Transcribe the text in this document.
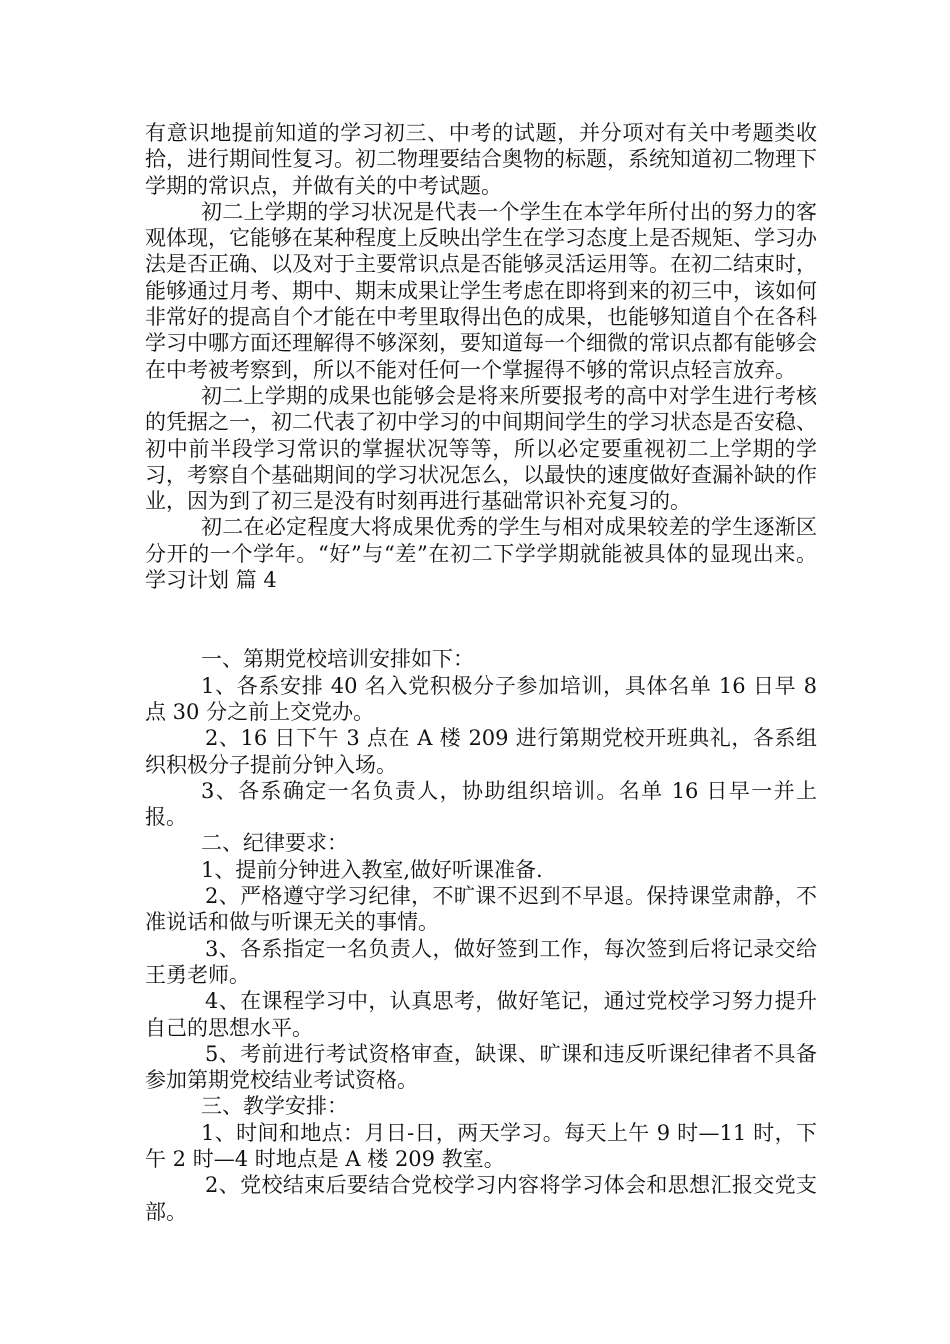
有意识地提前知道的学习初三、中考的试题，并分项对有关中考题类收拾，进行期间性复习。初二物理要结合奥物的标题，系统知道初二物理下学期的常识点，并做有关的中考试题。

初二上学期的学习状况是代表一个学生在本学年所付出的努力的客观体现，它能够在某种程度上反映出学生在学习态度上是否规矩、学习办法是否正确、以及对于主要常识点是否能够灵活运用等。在初二结束时，能够通过月考、期中、期末成果让学生考虑在即将到来的初三中，该如何非常好的提高自个才能在中考里取得出色的成果，也能够知道自个在各科学习中哪方面还理解得不够深刻，要知道每一个细微的常识点都有能够会在中考被考察到，所以不能对任何一个掌握得不够的常识点轻言放弃。

初二上学期的成果也能够会是将来所要报考的高中对学生进行考核的凭据之一，初二代表了初中学习的中间期间学生的学习状态是否安稳、初中前半段学习常识的掌握状况等等，所以必定要重视初二上学期的学习，考察自个基础期间的学习状况怎么，以最快的速度做好查漏补缺的作业，因为到了初三是没有时刻再进行基础常识补充复习的。

初二在必定程度大将成果优秀的学生与相对成果较差的学生逐渐区分开的一个学年。“好”与“差”在初二下学学期就能被具体的显现出来。学习计划 篇 4

一、第期党校培训安排如下：

1、各系安排 40 名入党积极分子参加培训，具体名单 16 日早 8 点 30 分之前上交党办。

2、16 日下午 3 点在 A 楼 209 进行第期党校开班典礼，各系组织积极分子提前分钟入场。

3、各系确定一名负责人，协助组织培训。名单 16 日早一并上报。

二、纪律要求：

1、提前分钟进入教室,做好听课准备.

2、严格遵守学习纪律，不旷课不迟到不早退。保持课堂肃静，不准说话和做与听课无关的事情。

3、各系指定一名负责人，做好签到工作，每次签到后将记录交给王勇老师。

4、在课程学习中，认真思考，做好笔记，通过党校学习努力提升自己的思想水平。

5、考前进行考试资格审查，缺课、旷课和违反听课纪律者不具备参加第期党校结业考试资格。

三、教学安排：

1、时间和地点：月日-日，两天学习。每天上午 9 时—11 时，下午 2 时—4 时地点是 A 楼 209 教室。

2、党校结束后要结合党校学习内容将学习体会和思想汇报交党支部。
